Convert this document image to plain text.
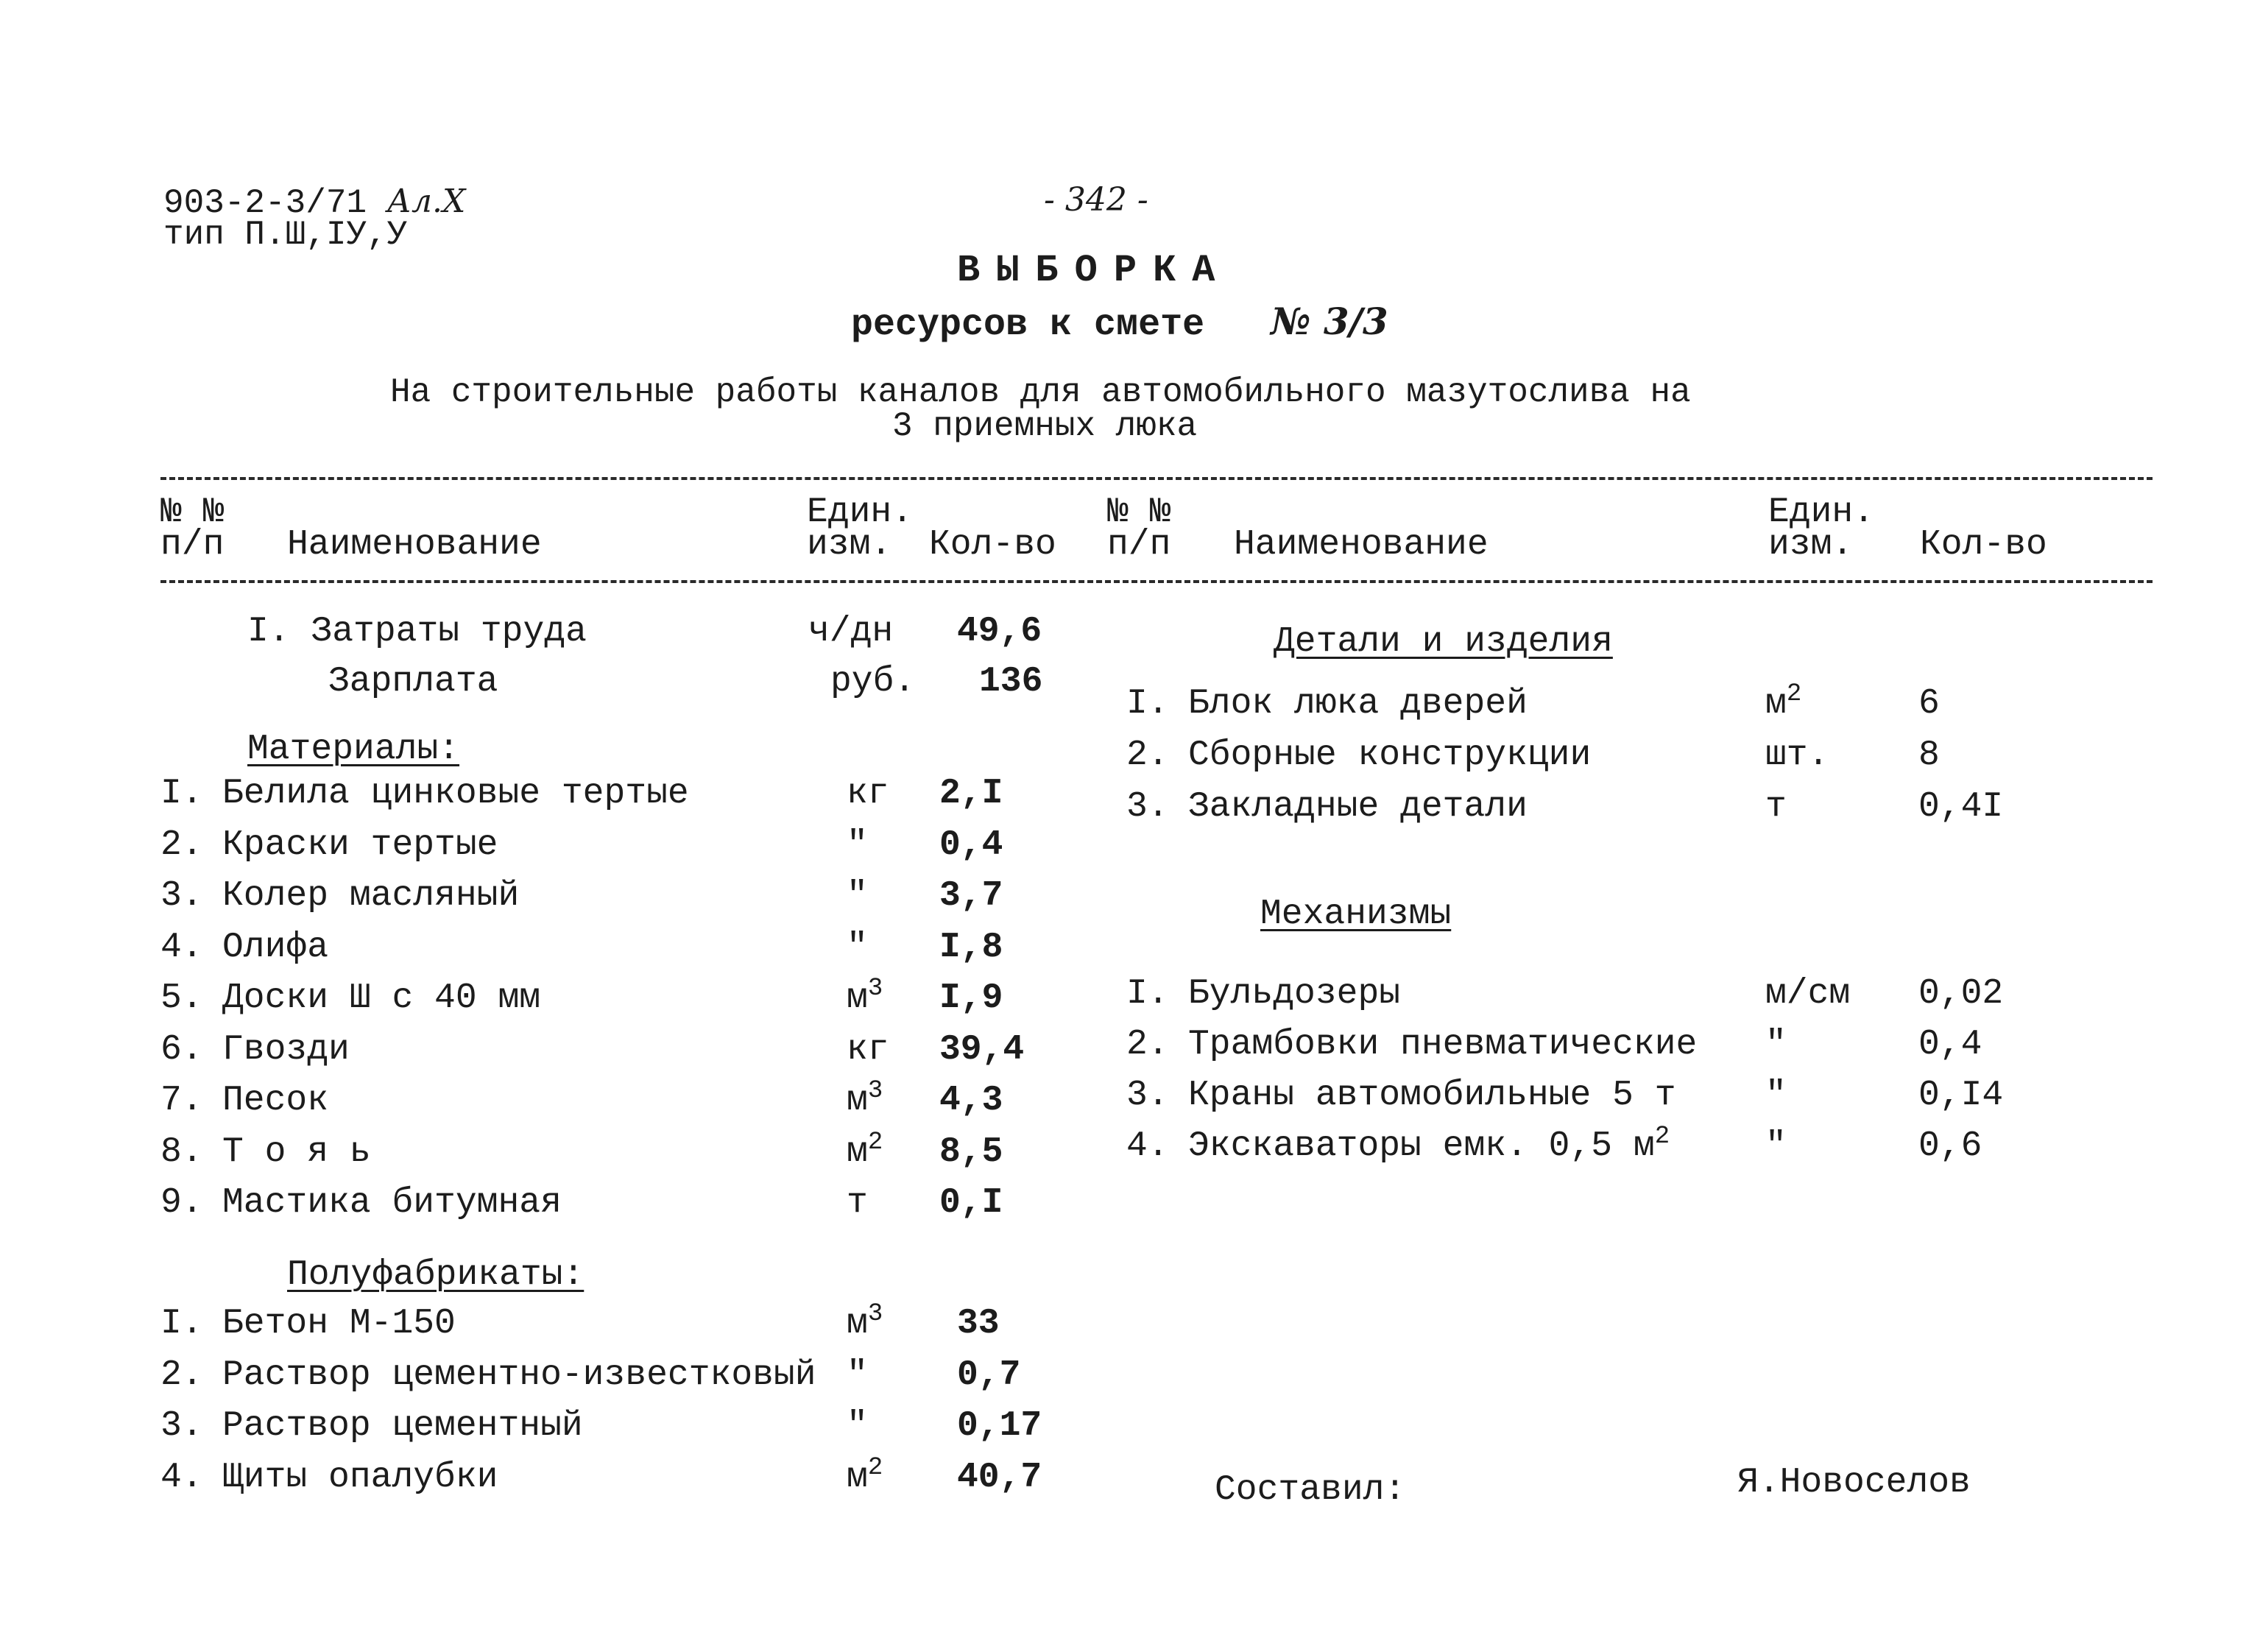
903-2-3/71 Ал.X
тип П.Ш,IУ,У
- 342 -
ВЫБОРКА
ресурсов к смете № 3/3
На строительные работы каналов для автомобильного мазутослива на
3 приемных люка
№ №
п/п Наименование
Един.
изм. Кол-во
№ №
п/п Наименование
Един.
изм. Кол-во
I. Затраты труда	ч/дн 49,6
Зарплата	руб. 136
Материалы:
I. Белила цинковые тертые	кг 2,I
2. Краски тертые	" 0,4
3. Колер масляный	" 3,7
4. Олифа	" I,8
5. Доски Ш с 40 мм	$м^3$ I,9
6. Гвозди	кг 39,4
7. Песок	$м^3$ 4,3
8. Т о я ь	$м^2$ 8,5
9. Мастика битумная	т 0,I
Полуфабрикаты:
I. Бетон М-150	$м^3$ 33
2. Раствор цементно-известковый "	0,7
3. Раствор цементный	"	0,17
4. Щиты опалубки	$м^2$ 40,7
Детали и изделия
I. Блок люка дверей	$м^2$	6
2. Сборные конструкции	шт.	8
3. Закладные детали	т	0,4I
Механизмы
I. Бульдозеры	м/см 0,02
2. Трамбовки пневматические "	0,4
3. Краны автомобильные 5 т	"	0,I4
4. Экскаваторы емк. 0,5 $м^2$	"	0,6
Составил:	Я.Новоселов
